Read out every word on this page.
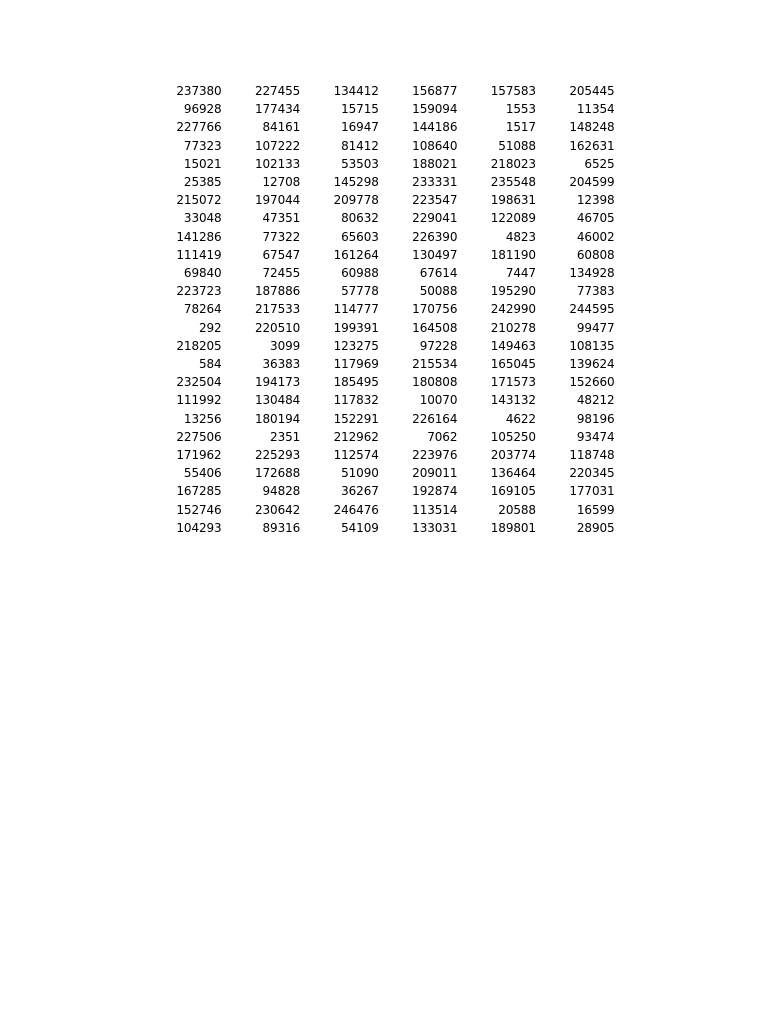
237380	227455	134412	156877	157583	205445
96928	177434	15715	159094	1553	11354
227766	84161	16947	144186	1517	148248
77323	107222	81412	108640	51088	162631
15021	102133	53503	188021	218023	6525
25385	12708	145298	233331	235548	204599
215072	197044	209778	223547	198631	12398
33048	47351	80632	229041	122089	46705
141286	77322	65603	226390	4823	46002
111419	67547	161264	130497	181190	60808
69840	72455	60988	67614	7447	134928
223723	187886	57778	50088	195290	77383
78264	217533	114777	170756	242990	244595
292	220510	199391	164508	210278	99477
218205	3099	123275	97228	149463	108135
584	36383	117969	215534	165045	139624
232504	194173	185495	180808	171573	152660
111992	130484	117832	10070	143132	48212
13256	180194	152291	226164	4622	98196
227506	2351	212962	7062	105250	93474
171962	225293	112574	223976	203774	118748
55406	172688	51090	209011	136464	220345
167285	94828	36267	192874	169105	177031
152746	230642	246476	113514	20588	16599
104293	89316	54109	133031	189801	28905
